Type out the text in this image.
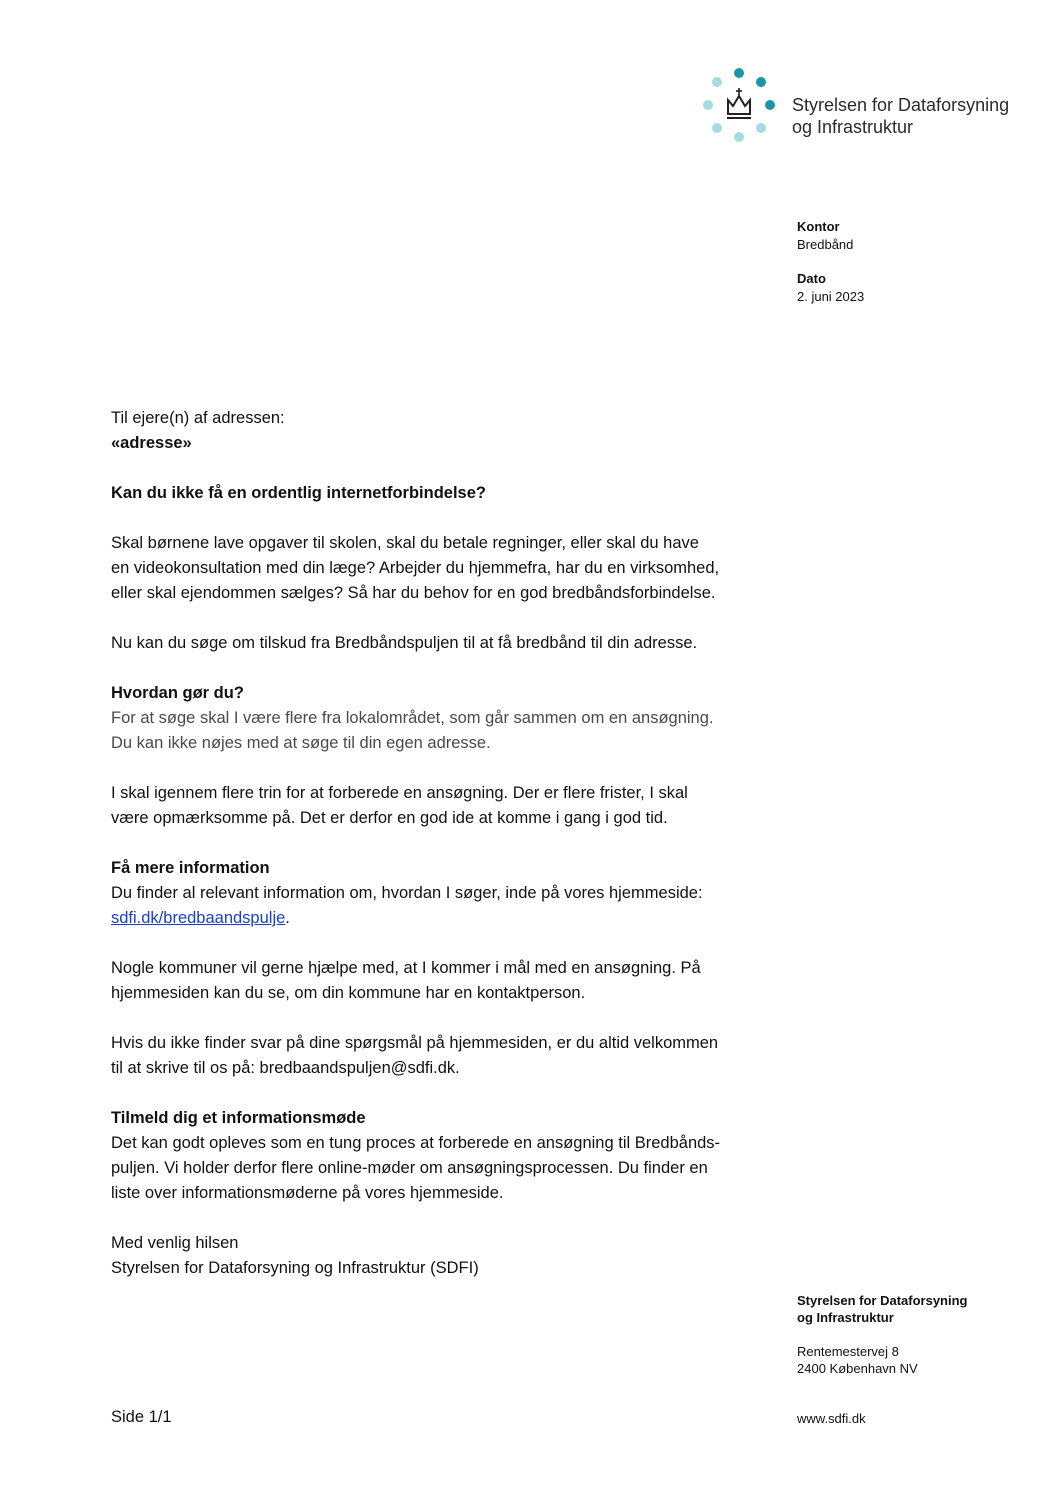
Styrelsen for Dataforsyning
og Infrastruktur
Kontor
Bredbånd
Dato
2. juni 2023

Til ejere(n) af adressen:

«adresse»

Kan du ikke få en ordentlig internetforbindelse?

Skal børnene lave opgaver til skolen, skal du betale regninger, eller skal du have

en videokonsultation med din læge? Arbejder du hjemmefra, har du en virksomhed,

eller skal ejendommen sælges? Så har du behov for en god bredbåndsforbindelse.

Nu kan du søge om tilskud fra Bredbåndspuljen til at få bredbånd til din adresse.

Hvordan gør du?

For at søge skal I være flere fra lokalområdet, som går sammen om en ansøgning.

Du kan ikke nøjes med at søge til din egen adresse.

I skal igennem flere trin for at forberede en ansøgning. Der er flere frister, I skal

være opmærksomme på. Det er derfor en god ide at komme i gang i god tid.

Få mere information

Du finder al relevant information om, hvordan I søger, inde på vores hjemmeside:

sdfi.dk/bredbaandspulje.

Nogle kommuner vil gerne hjælpe med, at I kommer i mål med en ansøgning. På

hjemmesiden kan du se, om din kommune har en kontaktperson.

Hvis du ikke finder svar på dine spørgsmål på hjemmesiden, er du altid velkommen

til at skrive til os på: bredbaandspuljen@sdfi.dk.

Tilmeld dig et informationsmøde

Det kan godt opleves som en tung proces at forberede en ansøgning til Bredbånds-

puljen. Vi holder derfor flere online-møder om ansøgningsprocessen. Du finder en

liste over informationsmøderne på vores hjemmeside.

Med venlig hilsen

Styrelsen for Dataforsyning og Infrastruktur (SDFI)

Styrelsen for Dataforsyning
og Infrastruktur
Rentemestervej 8
2400 København NV
www.sdfi.dk
Side 1/1
